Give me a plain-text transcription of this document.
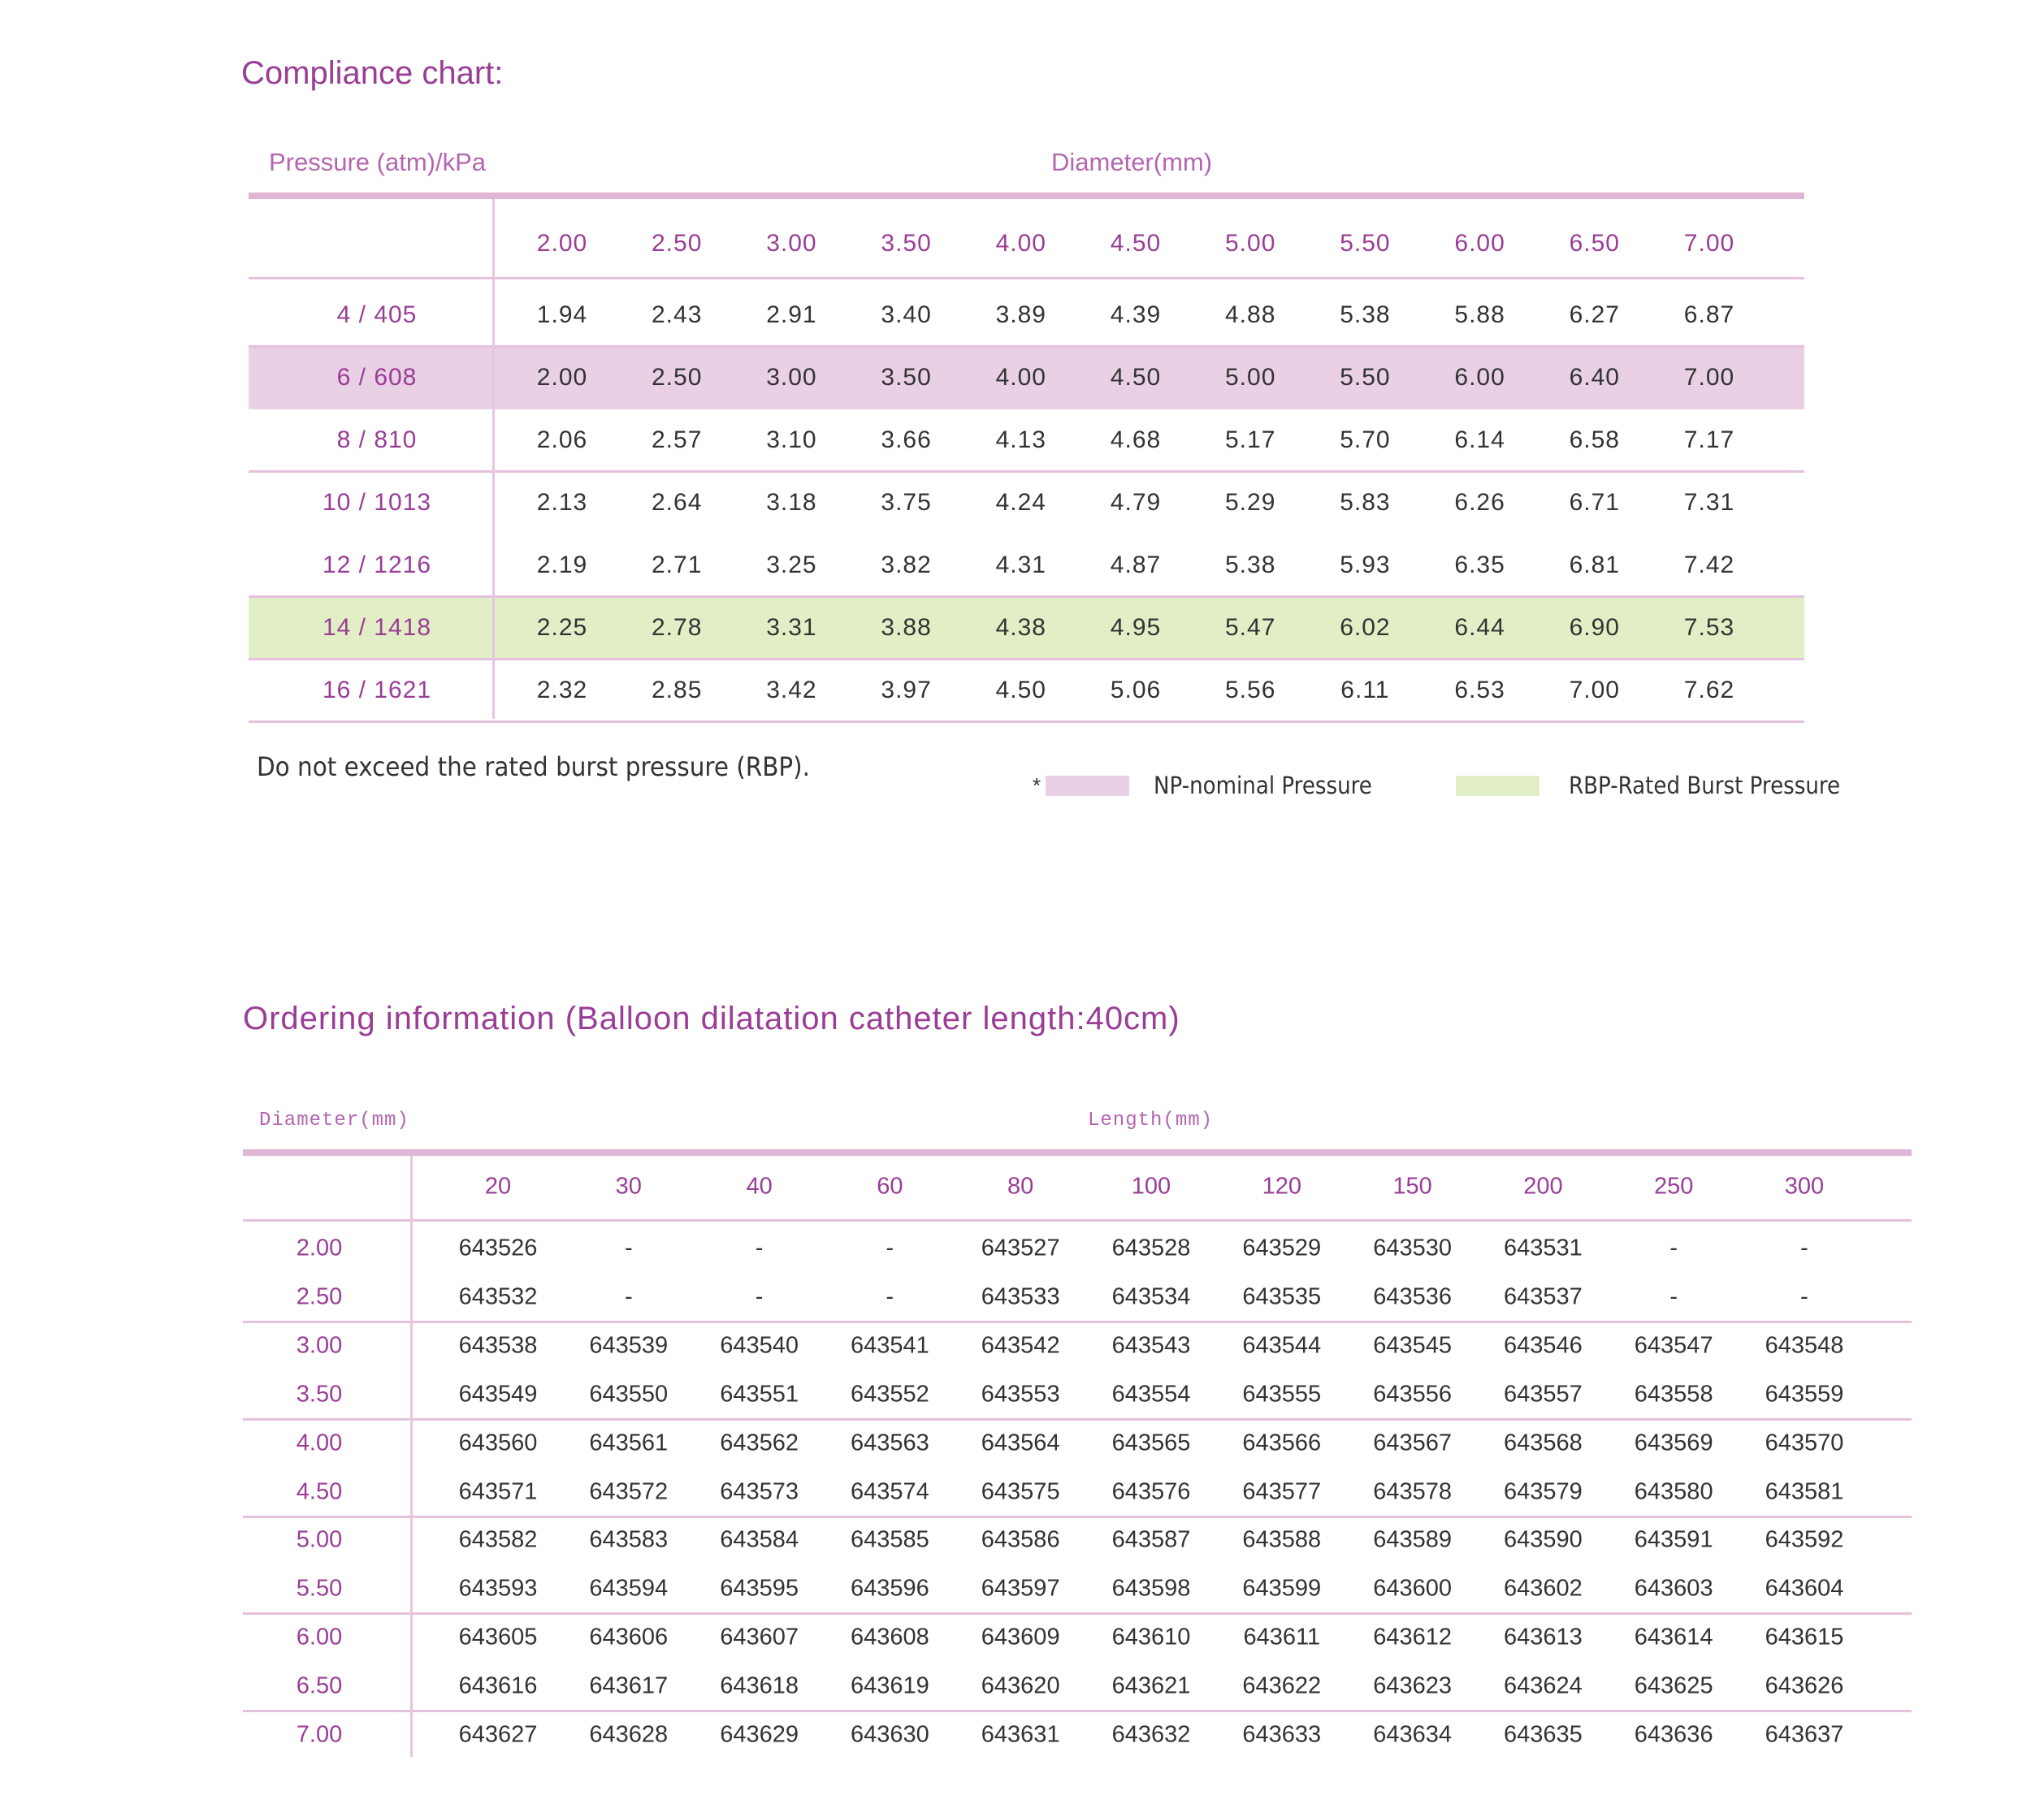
Compliance chart:
Pressure (atm)/kPa	Diameter(mm)
2.00	2.50	3.00	3.50	4.00	4.50	5.00	5.50	6.00	6.50	7.00
4 / 405	1.94	2.43	2.91	3.40	3.89	4.39	4.88	5.38	5.88	6.27	6.87
6 / 608	2.00	2.50	3.00	3.50	4.00	4.50	5.00	5.50	6.00	6.40	7.00
8 / 810	2.06	2.57	3.10	3.66	4.13	4.68	5.17	5.70	6.14	6.58	7.17
10 / 1013	2.13	2.64	3.18	3.75	4.24	4.79	5.29	5.83	6.26	6.71	7.31
12 / 1216	2.19	2.71	3.25	3.82	4.31	4.87	5.38	5.93	6.35	6.81	7.42
14 / 1418	2.25	2.78	3.31	3.88	4.38	4.95	5.47	6.02	6.44	6.90	7.53
16 / 1621	2.32	2.85	3.42	3.97	4.50	5.06	5.56	6.11	6.53	7.00	7.62
Do not exceed the rated burst pressure (RBP).
*	NP-nominal Pressure	RBP-Rated Burst Pressure
Ordering information (Balloon dilatation catheter length:40cm)
Diameter(mm)	Length(mm)
20	30	40	60	80	100	120	150	200	250	300
2.00	643526	-	-	-	643527	643528	643529	643530	643531	-	-
2.50	643532	-	-	-	643533	643534	643535	643536	643537	-	-
3.00	643538	643539	643540	643541	643542	643543	643544	643545	643546	643547	643548
3.50	643549	643550	643551	643552	643553	643554	643555	643556	643557	643558	643559
4.00	643560	643561	643562	643563	643564	643565	643566	643567	643568	643569	643570
4.50	643571	643572	643573	643574	643575	643576	643577	643578	643579	643580	643581
5.00	643582	643583	643584	643585	643586	643587	643588	643589	643590	643591	643592
5.50	643593	643594	643595	643596	643597	643598	643599	643600	643602	643603	643604
6.00	643605	643606	643607	643608	643609	643610	643611	643612	643613	643614	643615
6.50	643616	643617	643618	643619	643620	643621	643622	643623	643624	643625	643626
7.00	643627	643628	643629	643630	643631	643632	643633	643634	643635	643636	643637
